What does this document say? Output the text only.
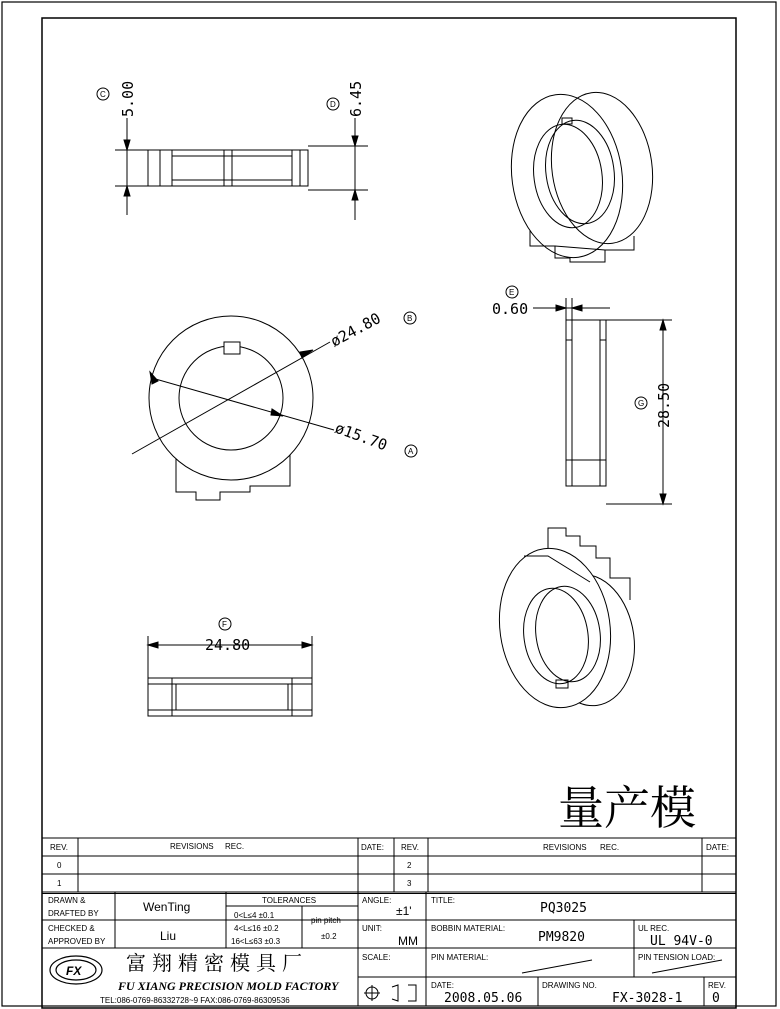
5.00
C	6.45
D
ø24.80	B
ø15.70 A
0.60
E
28.50
G
24.80
F
量产模
REV.	REVISIONS REC.	DATE: REV.	REVISIONS REC.	DATE:
0
1
2
3
DRAWN &
DRAFTED BY	WenTing
CHECKED &
APPROVED BY	Liu
TOLERANCES
0<L≤4 ±0.1
4<L≤16 ±0.2
16<L≤63 ±0.3
pin pitch
±0.2
ANGLE:
±1'
UNIT:
MM
SCALE:
TITLE:
PQ3025
BOBBIN MATERIAL:
PM9820
UL REC.
UL 94V-0
PIN MATERIAL:	PIN TENSION LOAD:
DATE:
2008.05.06
DRAWING NO.
FX-3028-1
REV.
0
FX 富翔精密模具厂
FU XIANG PRECISION MOLD FACTORY
TEL:086-0769-86332728~9 FAX:086-0769-86309536
